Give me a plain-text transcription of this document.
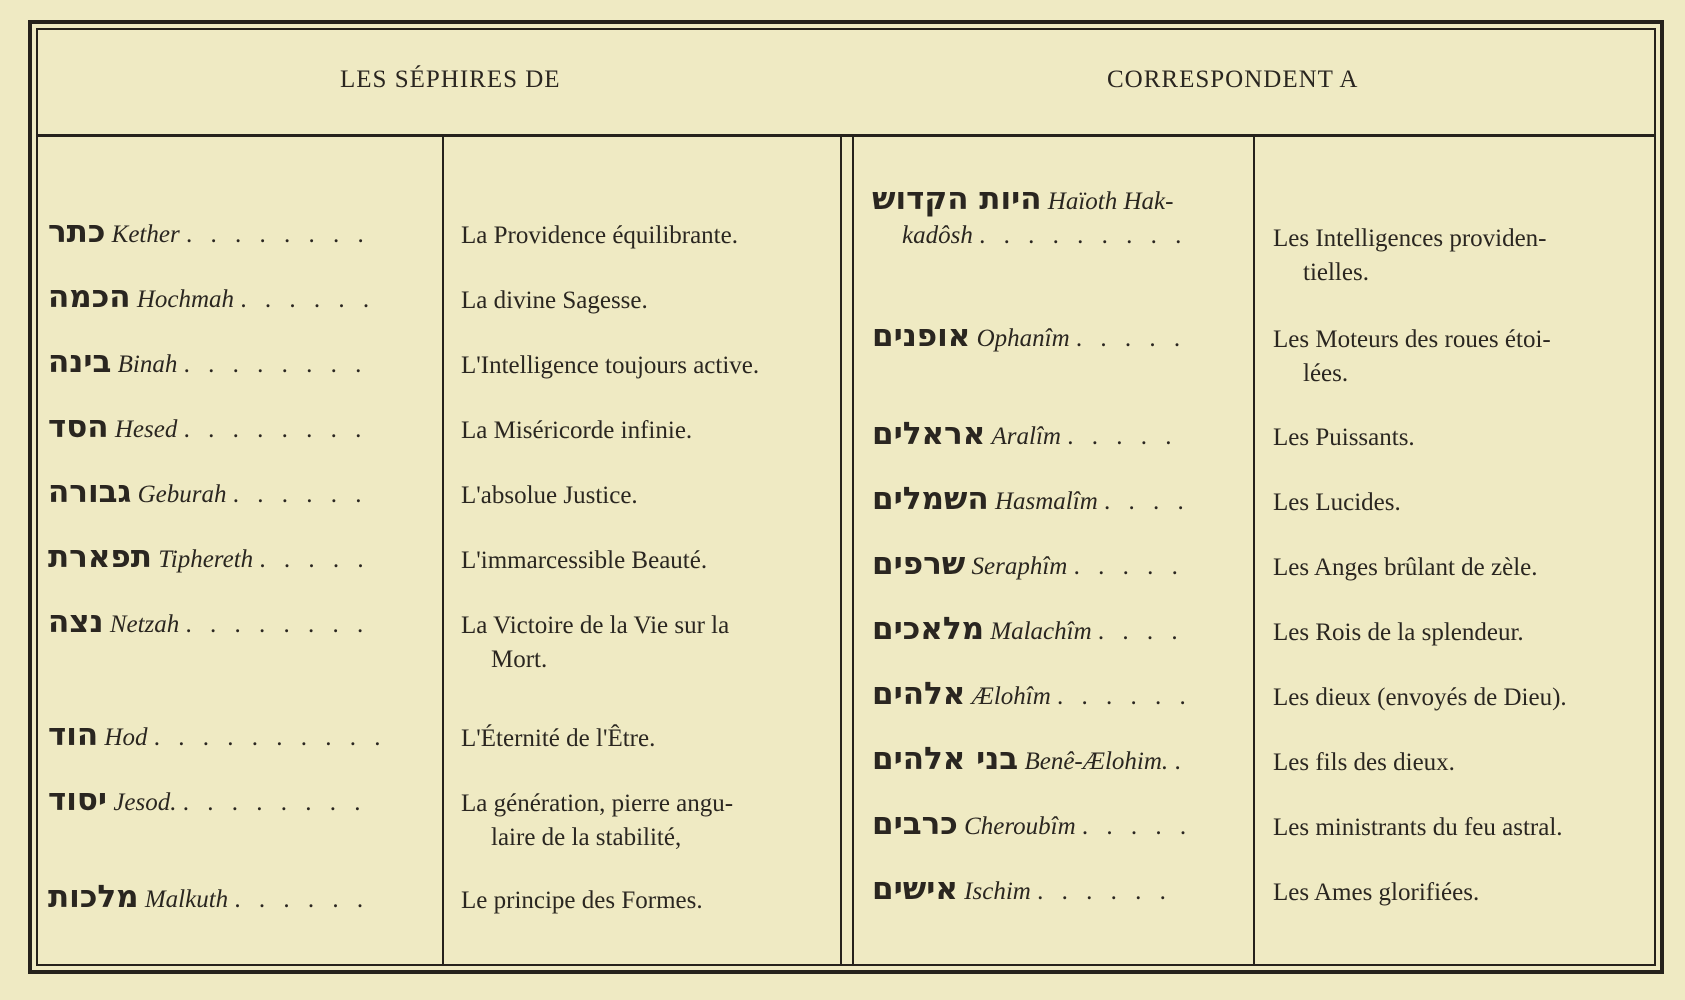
LES SÉPHIRES DE	CORRESPONDENT A
כתר Kether . . . . . . . .	La Providence équilibrante.
הכמה Hochmah . . . . . .	La divine Sagesse.
בינה Binah . . . . . . . .	L'Intelligence toujours active.
הסד Hesed . . . . . . . .	La Miséricorde infinie.
גבורה Geburah . . . . . .	L'absolue Justice.
תפארת Tiphereth . . . . .	L'immarcessible Beauté.
נצה Netzah . . . . . . . .	La Victoire de la Vie sur la
Mort.
הוד Hod . . . . . . . . . .	L'Éternité de l'Être.
יסוד Jesod. . . . . . . . .	La génération, pierre angu-
laire de la stabilité,
מלכות Malkuth . . . . . .	Le principe des Formes.
היות הקדוש Haïoth Hak-
kadôsh . . . . . . . . .	Les Intelligences providen-
tielles.
אופנים Ophanîm . . . . .	Les Moteurs des roues étoi-
lées.
אראלים Aralîm . . . . .	Les Puissants.
השמלים Hasmalîm . . . .	Les Lucides.
שרפים Seraphîm . . . . .	Les Anges brûlant de zèle.
מלאכים Malachîm . . . .	Les Rois de la splendeur.
אלהים Ælohîm . . . . . .	Les dieux (envoyés de Dieu).
בני אלהים Benê-Ælohim. .	Les fils des dieux.
כרבים Cheroubîm . . . . .	Les ministrants du feu astral.
אישים Ischim . . . . . .	Les Ames glorifiées.
